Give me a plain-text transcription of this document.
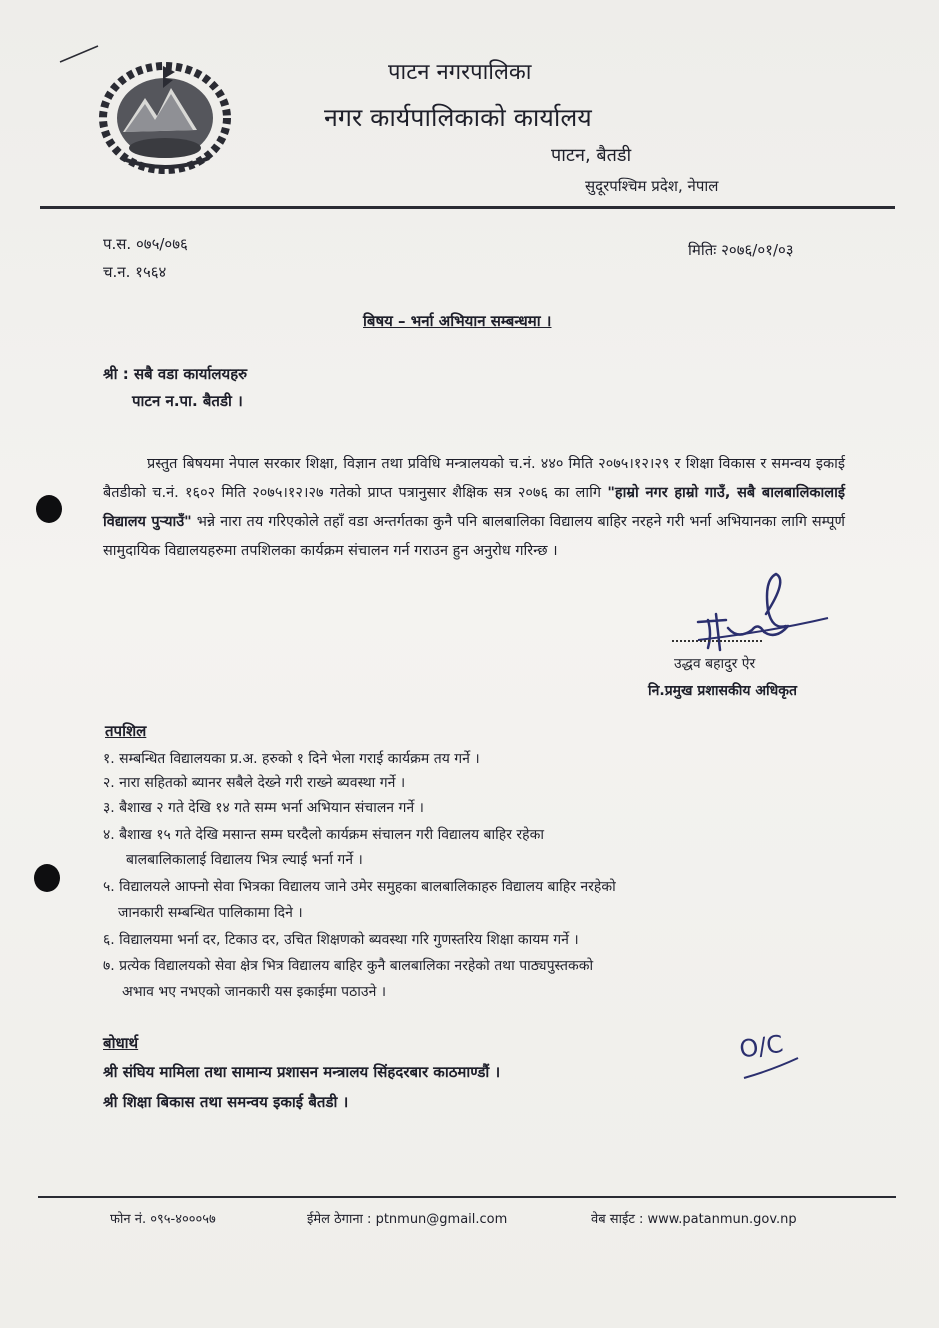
पाटन नगरपालिका
नगर कार्यपालिकाको कार्यालय
पाटन, बैतडी
सुदूरपश्चिम प्रदेश, नेपाल
प.स. ०७५/०७६
च.न. १५६४
मितिः २०७६/०१/०३
बिषय – भर्ना अभियान सम्बन्धमा ।
श्री : सबै वडा कार्यालयहरु
पाटन न.पा. बैतडी ।
प्रस्तुत बिषयमा नेपाल सरकार शिक्षा, विज्ञान तथा प्रविधि मन्त्रालयको च.नं. ४४० मिति २०७५।१२।२९ र शिक्षा विकास र समन्वय इकाई बैतडीको च.नं. १६०२ मिति २०७५।१२।२७ गतेको प्राप्त पत्रानुसार शैक्षिक सत्र २०७६ का लागि "हाम्रो नगर हाम्रो गाउँ, सबै बालबालिकालाई विद्यालय पुऱ्याउँ" भन्ने नारा तय गरिएकोले तहाँ वडा अन्तर्गतका कुनै पनि बालबालिका विद्यालय बाहिर नरहने गरी भर्ना अभियानका लागि सम्पूर्ण सामुदायिक विद्यालयहरुमा तपशिलका कार्यक्रम संचालन गर्न गराउन हुन अनुरोध गरिन्छ ।
उद्धव बहादुर ऐर
नि.प्रमुख प्रशासकीय अधिकृत
तपशिल
१. सम्बन्धित विद्यालयका प्र.अ. हरुको १ दिने भेला गराई कार्यक्रम तय गर्ने ।
२. नारा सहितको ब्यानर सबैले देख्ने गरी राख्ने ब्यवस्था गर्ने ।
३. बैशाख २ गते देखि १४ गते सम्म भर्ना अभियान संचालन गर्ने ।
४. बैशाख १५ गते देखि मसान्त सम्म घरदैलो कार्यक्रम संचालन गरी विद्यालय बाहिर रहेका
बालबालिकालाई विद्यालय भित्र ल्याई भर्ना गर्ने ।
५. विद्यालयले आफ्नो सेवा भित्रका विद्यालय जाने उमेर समुहका बालबालिकाहरु विद्यालय बाहिर नरहेको
जानकारी सम्बन्धित पालिकामा दिने ।
६. विद्यालयमा भर्ना दर, टिकाउ दर, उचित शिक्षणको ब्यवस्था गरि गुणस्तरिय शिक्षा कायम गर्ने ।
७. प्रत्येक विद्यालयको सेवा क्षेत्र भित्र विद्यालय बाहिर कुनै बालबालिका नरहेको तथा पाठ्यपुस्तकको
अभाव भए नभएको जानकारी यस इकाईमा पठाउने ।
बोधार्थ
श्री संघिय मामिला तथा सामान्य प्रशासन मन्त्रालय सिंहदरबार काठमाण्डौं ।
श्री शिक्षा बिकास तथा समन्वय इकाई बैतडी ।
O/C
फोन नं. ०९५-४०००५७	ईमेल ठेगाना : ptnmun@gmail.com	वेब साईट : www.patanmun.gov.np
